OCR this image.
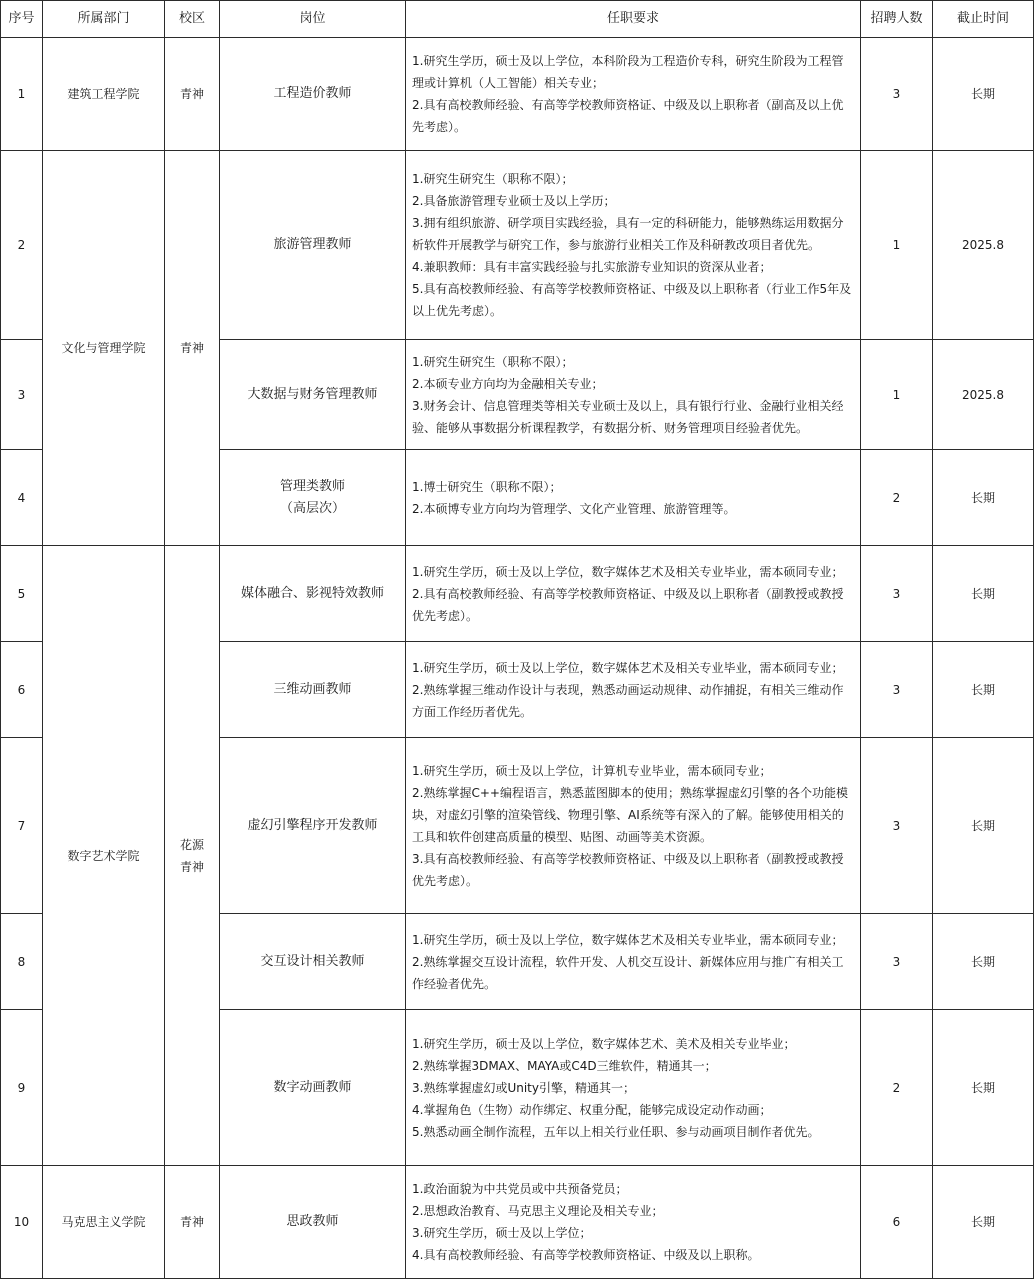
序号	所属部门	校区	岗位	任职要求	招聘人数	截止时间
1	建筑工程学院	青神	工程造价教师	1.研究生学历，硕士及以上学位，本科阶段为工程造价专科，研究生阶段为工程管理或计算机（人工智能）相关专业；
2.具有高校教师经验、有高等学校教师资格证、中级及以上职称者（副高及以上优先考虑）。	3	长期
2	文化与管理学院	青神	旅游管理教师	1.研究生研究生（职称不限）；
2.具备旅游管理专业硕士及以上学历；
3.拥有组织旅游、研学项目实践经验，具有一定的科研能力，能够熟练运用数据分析软件开展教学与研究工作，参与旅游行业相关工作及科研教改项目者优先。
4.兼职教师：具有丰富实践经验与扎实旅游专业知识的资深从业者；
5.具有高校教师经验、有高等学校教师资格证、中级及以上职称者（行业工作5年及以上优先考虑）。	1	2025.8
3			大数据与财务管理教师	1.研究生研究生（职称不限）；
2.本硕专业方向均为金融相关专业；
3.财务会计、信息管理类等相关专业硕士及以上，具有银行行业、金融行业相关经验、能够从事数据分析课程教学，有数据分析、财务管理项目经验者优先。	1	2025.8
4			管理类教师
（高层次）	1.博士研究生（职称不限）；
2.本硕博专业方向均为管理学、文化产业管理、旅游管理等。	2	长期
5	数字艺术学院	花源
青神	媒体融合、影视特效教师	1.研究生学历，硕士及以上学位，数字媒体艺术及相关专业毕业，需本硕同专业；
2.具有高校教师经验、有高等学校教师资格证、中级及以上职称者（副教授或教授优先考虑）。	3	长期
6			三维动画教师	1.研究生学历，硕士及以上学位，数字媒体艺术及相关专业毕业，需本硕同专业；
2.熟练掌握三维动作设计与表现，熟悉动画运动规律、动作捕捉，有相关三维动作方面工作经历者优先。	3	长期
7			虚幻引擎程序开发教师	1.研究生学历，硕士及以上学位，计算机专业毕业，需本硕同专业；
2.熟练掌握C++编程语言，熟悉蓝图脚本的使用；熟练掌握虚幻引擎的各个功能模块，对虚幻引擎的渲染管线、物理引擎、AI系统等有深入的了解。能够使用相关的工具和软件创建高质量的模型、贴图、动画等美术资源。
3.具有高校教师经验、有高等学校教师资格证、中级及以上职称者（副教授或教授优先考虑）。	3	长期
8			交互设计相关教师	1.研究生学历，硕士及以上学位，数字媒体艺术及相关专业毕业，需本硕同专业；
2.熟练掌握交互设计流程，软件开发、人机交互设计、新媒体应用与推广有相关工作经验者优先。	3	长期
9			数字动画教师	1.研究生学历，硕士及以上学位，数字媒体艺术、美术及相关专业毕业；
2.熟练掌握3DMAX、MAYA或C4D三维软件，精通其一；
3.熟练掌握虚幻或Unity引擎，精通其一；
4.掌握角色（生物）动作绑定、权重分配，能够完成设定动作动画；
5.熟悉动画全制作流程，五年以上相关行业任职、参与动画项目制作者优先。	2	长期
10	马克思主义学院	青神	思政教师	1.政治面貌为中共党员或中共预备党员；
2.思想政治教育、马克思主义理论及相关专业；
3.研究生学历，硕士及以上学位；
4.具有高校教师经验、有高等学校教师资格证、中级及以上职称。	6	长期
